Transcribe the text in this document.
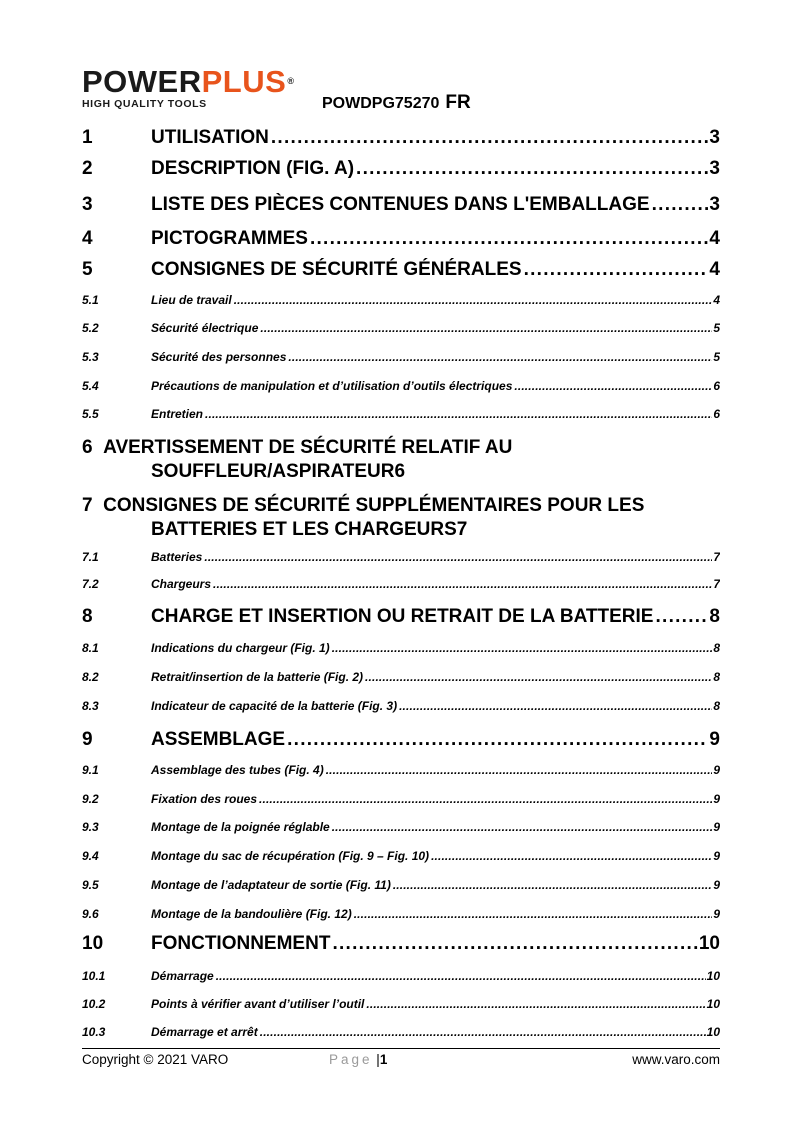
POWERPLUS®
HIGH QUALITY TOOLS	POWDPG75270 FR
1	UTILISATION . . .	3
2	DESCRIPTION (FIG. A) . . .	3
3	LISTE DES PIÈCES CONTENUES DANS L'EMBALLAGE . . .	3
4	PICTOGRAMMES . . .	4
5	CONSIGNES DE SÉCURITÉ GÉNÉRALES . . .	4
5.1	Lieu de travail . . .	4
5.2	Sécurité électrique . . .	5
5.3	Sécurité des personnes . . .	5
5.4	Précautions de manipulation et d’utilisation d’outils électriques . . .	6
5.5	Entretien . . .	6
6 AVERTISSEMENT DE SÉCURITÉ RELATIF AU
SOUFFLEUR/ASPIRATEUR 6
7 CONSIGNES DE SÉCURITÉ SUPPLÉMENTAIRES POUR LES
BATTERIES ET LES CHARGEURS 7
7.1	Batteries . . .	7
7.2	Chargeurs . . .	7
8	CHARGE ET INSERTION OU RETRAIT DE LA BATTERIE . . .	8
8.1	Indications du chargeur (Fig. 1) . . .	8
8.2	Retrait/insertion de la batterie (Fig. 2) . . .	8
8.3	Indicateur de capacité de la batterie (Fig. 3) . . .	8
9	ASSEMBLAGE . . .	9
9.1	Assemblage des tubes (Fig. 4) . . .	9
9.2	Fixation des roues . . .	9
9.3	Montage de la poignée réglable . . .	9
9.4	Montage du sac de récupération (Fig. 9 – Fig. 10) . . .	9
9.5	Montage de l’adaptateur de sortie (Fig. 11) . . .	9
9.6	Montage de la bandoulière (Fig. 12) . . .	9
10	FONCTIONNEMENT . . .	10
10.1	Démarrage . . .	10
10.2	Points à vérifier avant d’utiliser l’outil . . .	10
10.3	Démarrage et arrêt . . .	10
Copyright © 2021 VARO	Page |1	www.varo.com
